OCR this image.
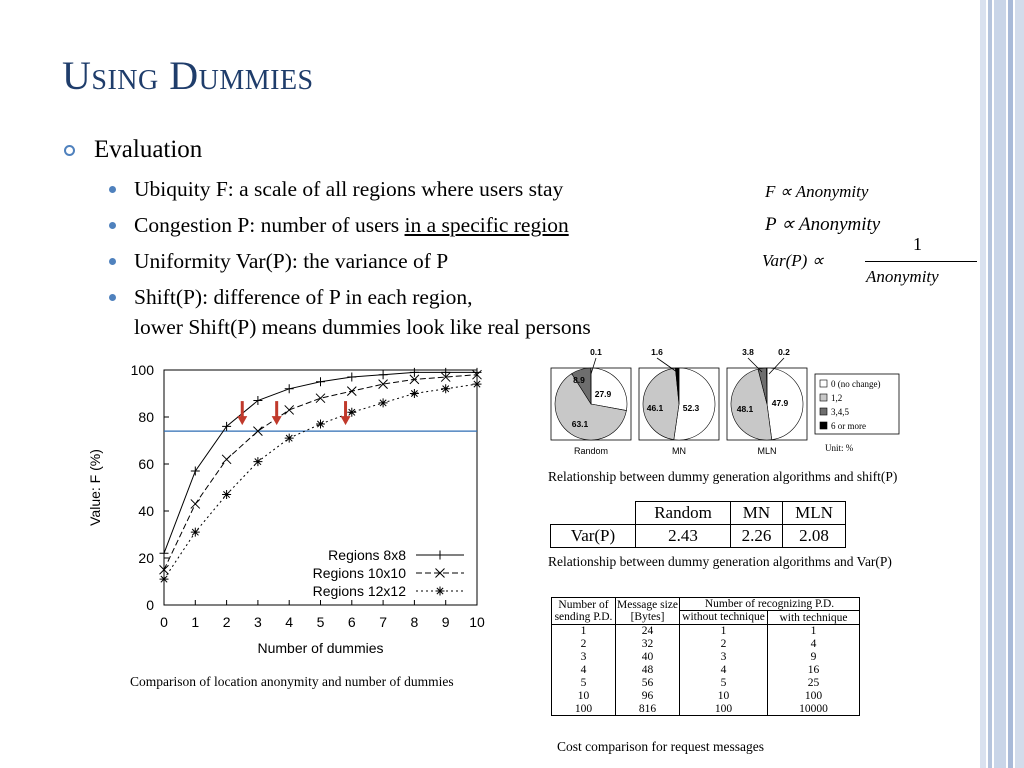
Using Dummies
Evaluation
Ubiquity F: a scale of all regions where users stay
Congestion P: number of users in a specific region
Uniformity Var(P): the variance of P
Shift(P): difference of P in each region,
lower Shift(P) means dummies look like real persons
F ∝ Anonymity
P ∝ Anonymity
Var(P) ∝
1
Anonymity
0
20
40
60
80
100
0 1 2 3 4 5 6 7 8 9 10
Number of dummies
Value: F (%)
Regions 8x8
Regions 10x10
Regions 12x12
Comparison of location anonymity and number of dummies
Random	MN	MLN
27.9
63.1
8.9
0.1
52.3
46.1
1.6
47.9
48.1
3.8	0.2
0 (no change)
1,2
3,4,5
6 or more
Unit: %
Relationship between dummy generation algorithms and shift(P)
	Random	MN	MLN
Var(P)	2.43	2.26	2.08
Relationship between dummy generation algorithms and Var(P)
Number of sending P.D.	Message size [Bytes]	Number of recognizing P.D.	
		without technique	with technique
1	24	1	1
2	32	2	4
3	40	3	9
4	48	4	16
5	56	5	25
10	96	10	100
100	816	100	10000
Cost comparison for request messages
